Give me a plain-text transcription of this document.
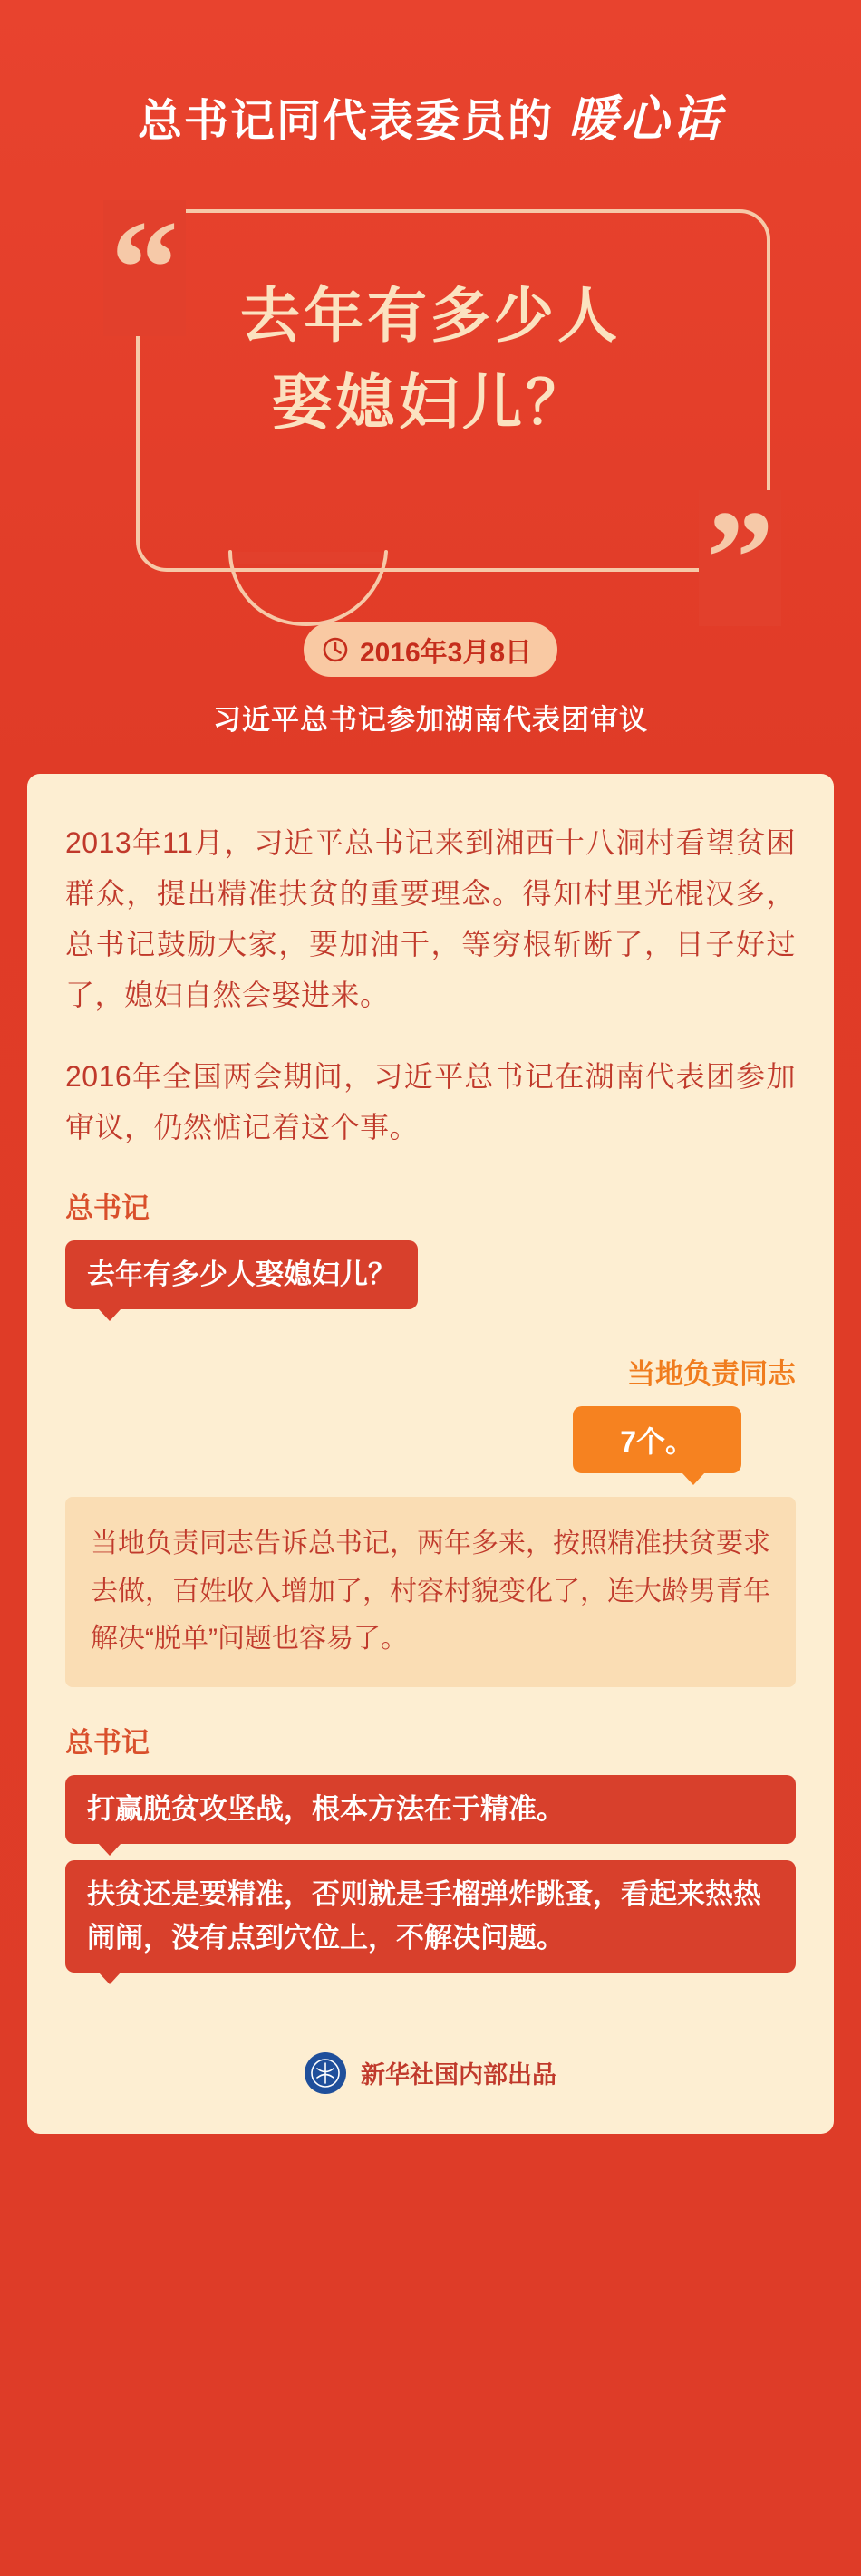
总书记同代表委员的 暖心话
“
”
去年有多少人
娶媳妇儿？
2016年3月8日
习近平总书记参加湖南代表团审议

2013年11月，习近平总书记来到湘西十八洞村看望贫困群众，提出精准扶贫的重要理念。得知村里光棍汉多，总书记鼓励大家，要加油干，等穷根斩断了，日子好过了，媳妇自然会娶进来。

2016年全国两会期间，习近平总书记在湖南代表团参加审议，仍然惦记着这个事。

总书记
去年有多少人娶媳妇儿？
当地负责同志
7个。

当地负责同志告诉总书记，两年多来，按照精准扶贫要求去做，百姓收入增加了，村容村貌变化了，连大龄男青年解决“脱单”问题也容易了。

总书记
打赢脱贫攻坚战，根本方法在于精准。
扶贫还是要精准，否则就是手榴弹炸跳蚤，看起来热热闹闹，没有点到穴位上，不解决问题。
新华社国内部出品
